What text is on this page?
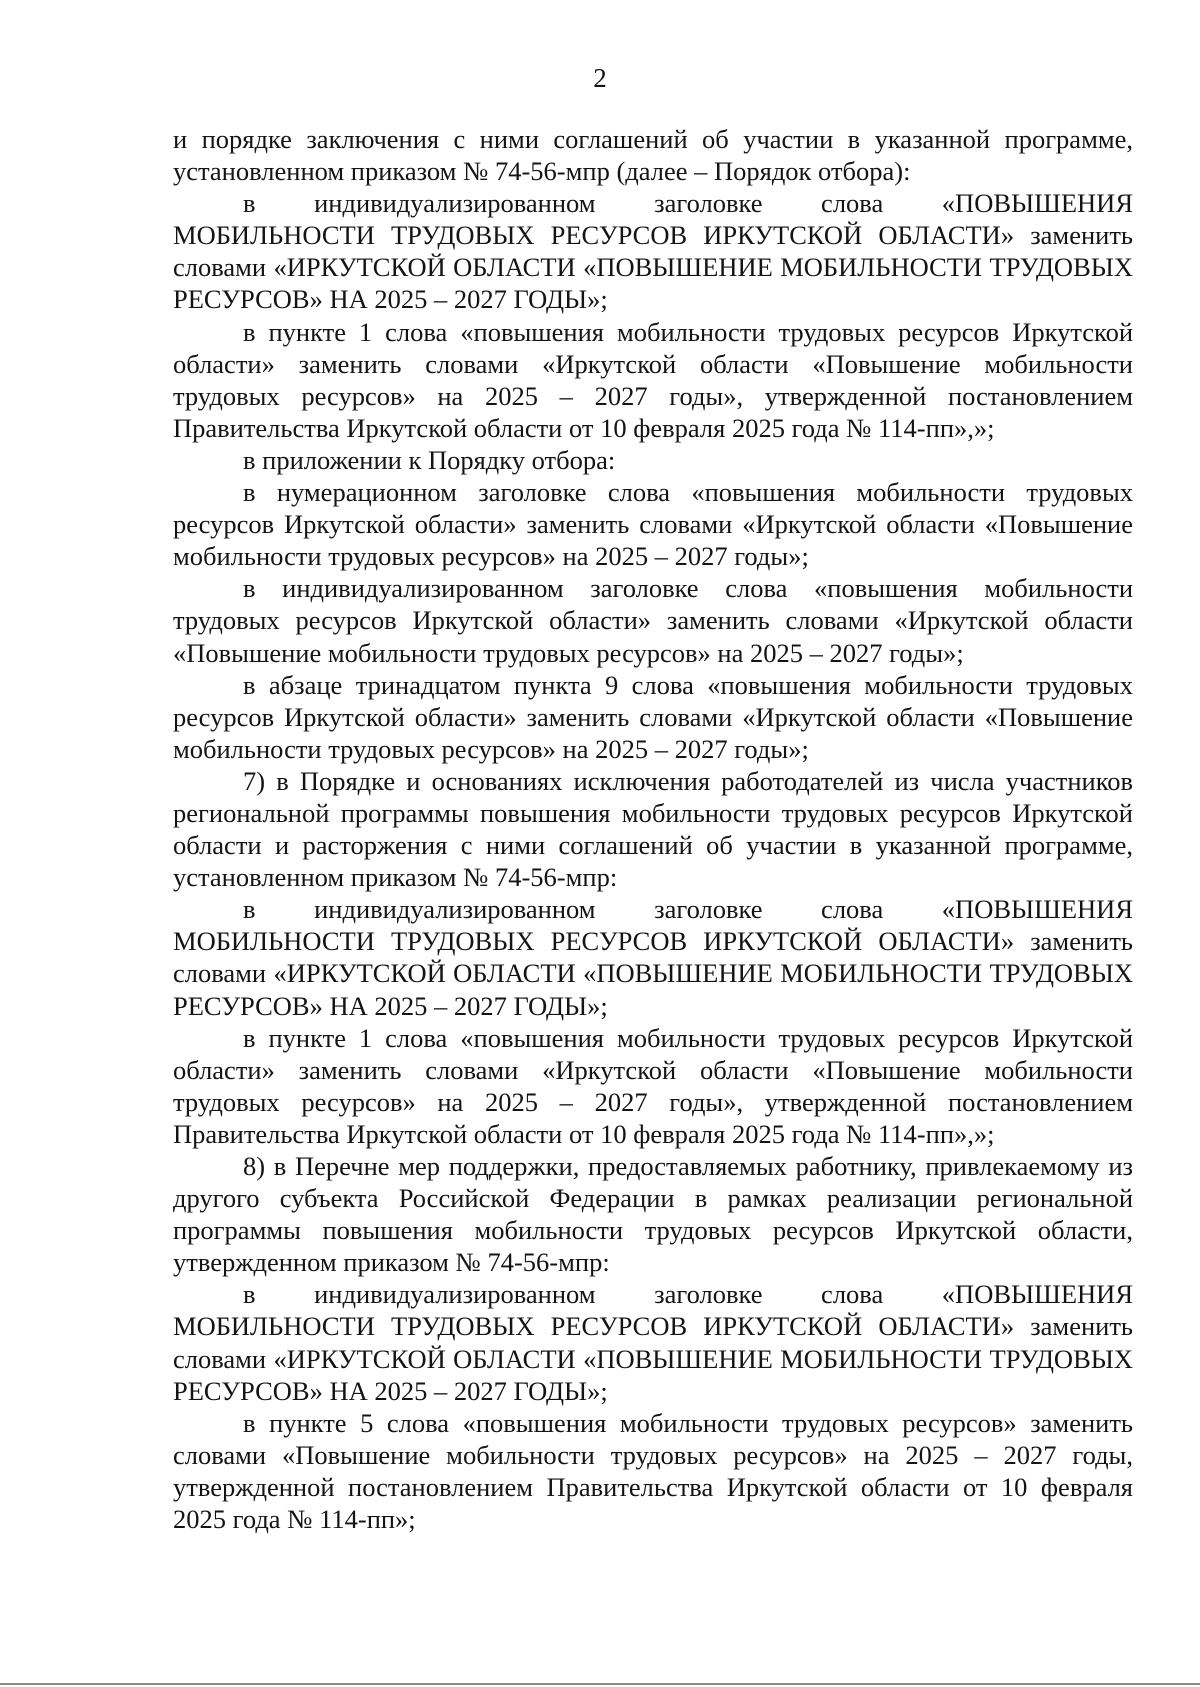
2

и порядке заключения с ними соглашений об участии в указанной программе, установленном приказом № 74-56-мпр (далее – Порядок отбора):

в индивидуализированном заголовке слова «ПОВЫШЕНИЯ МОБИЛЬНОСТИ ТРУДОВЫХ РЕСУРСОВ ИРКУТСКОЙ ОБЛАСТИ» заменить словами «ИРКУТСКОЙ ОБЛАСТИ «ПОВЫШЕНИЕ МОБИЛЬНОСТИ ТРУДОВЫХ РЕСУРСОВ» НА 2025 – 2027 ГОДЫ»;

в пункте 1 слова «повышения мобильности трудовых ресурсов Иркутской области» заменить словами «Иркутской области «Повышение мобильности трудовых ресурсов» на 2025 – 2027 годы», утвержденной постановлением Правительства Иркутской области от 10 февраля 2025 года № 114-пп»,»;

в приложении к Порядку отбора:

в нумерационном заголовке слова «повышения мобильности трудовых ресурсов Иркутской области» заменить словами «Иркутской области «Повышение мобильности трудовых ресурсов» на 2025 – 2027 годы»;

в индивидуализированном заголовке слова «повышения мобильности трудовых ресурсов Иркутской области» заменить словами «Иркутской области «Повышение мобильности трудовых ресурсов» на 2025 – 2027 годы»;

в абзаце тринадцатом пункта 9 слова «повышения мобильности трудовых ресурсов Иркутской области» заменить словами «Иркутской области «Повышение мобильности трудовых ресурсов» на 2025 – 2027 годы»;

7) в Порядке и основаниях исключения работодателей из числа участников региональной программы повышения мобильности трудовых ресурсов Иркутской области и расторжения с ними соглашений об участии в указанной программе, установленном приказом № 74-56-мпр:

в индивидуализированном заголовке слова «ПОВЫШЕНИЯ МОБИЛЬНОСТИ ТРУДОВЫХ РЕСУРСОВ ИРКУТСКОЙ ОБЛАСТИ» заменить словами «ИРКУТСКОЙ ОБЛАСТИ «ПОВЫШЕНИЕ МОБИЛЬНОСТИ ТРУДОВЫХ РЕСУРСОВ» НА 2025 – 2027 ГОДЫ»;

в пункте 1 слова «повышения мобильности трудовых ресурсов Иркутской области» заменить словами «Иркутской области «Повышение мобильности трудовых ресурсов» на 2025 – 2027 годы», утвержденной постановлением Правительства Иркутской области от 10 февраля 2025 года № 114-пп»,»;

8) в Перечне мер поддержки, предоставляемых работнику, привлекаемому из другого субъекта Российской Федерации в рамках реализации региональной программы повышения мобильности трудовых ресурсов Иркутской области, утвержденном приказом № 74-56-мпр:

в индивидуализированном заголовке слова «ПОВЫШЕНИЯ МОБИЛЬНОСТИ ТРУДОВЫХ РЕСУРСОВ ИРКУТСКОЙ ОБЛАСТИ» заменить словами «ИРКУТСКОЙ ОБЛАСТИ «ПОВЫШЕНИЕ МОБИЛЬНОСТИ ТРУДОВЫХ РЕСУРСОВ» НА 2025 – 2027 ГОДЫ»;

в пункте 5 слова «повышения мобильности трудовых ресурсов» заменить словами «Повышение мобильности трудовых ресурсов» на 2025 – 2027 годы, утвержденной постановлением Правительства Иркутской области от 10 февраля 2025 года № 114-пп»;
